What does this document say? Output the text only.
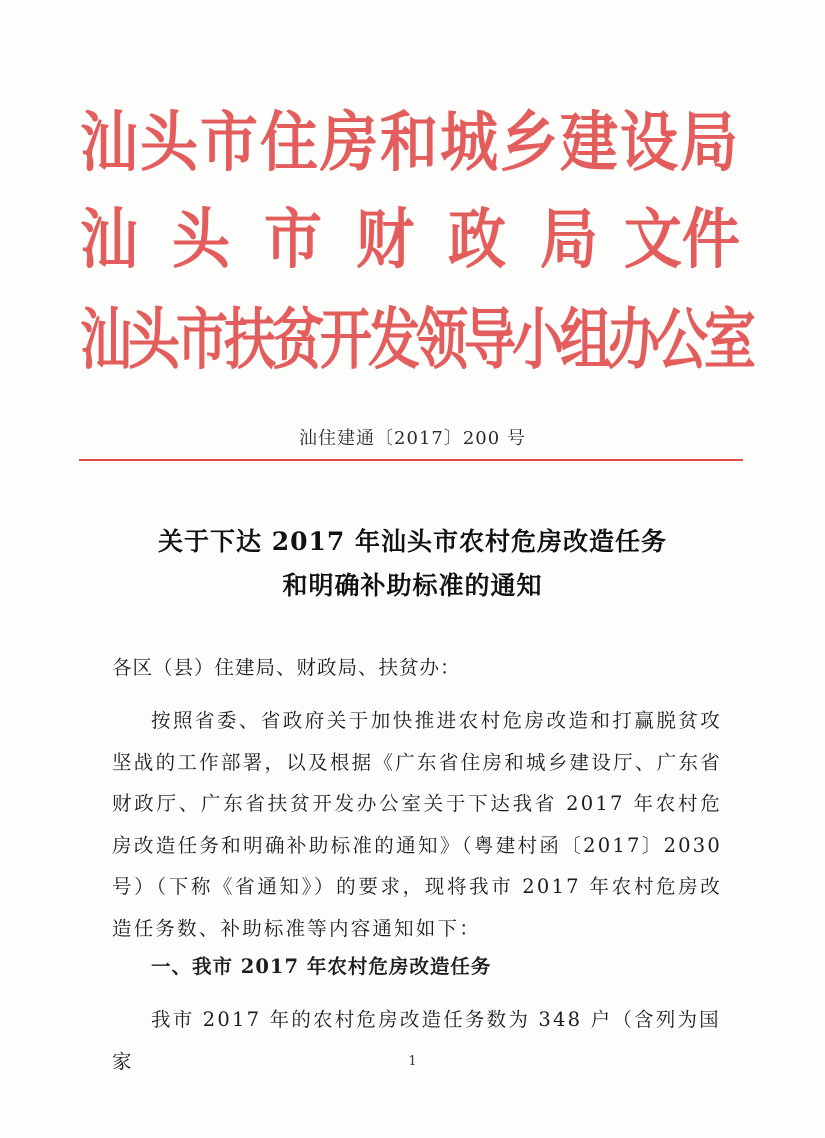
汕头市住房和城乡建设局
汕 头 市 财 政 局 文件
汕头市扶贫开发领导小组办公室
汕住建通〔2017〕200 号
关于下达 2017 年汕头市农村危房改造任务
和明确补助标准的通知
各区（县）住建局、财政局、扶贫办：
按照省委、省政府关于加快推进农村危房改造和打赢脱贫攻坚战的工作部署，以及根据《广东省住房和城乡建设厅、广东省财政厅、广东省扶贫开发办公室关于下达我省 2017 年农村危房改造任务和明确补助标准的通知》（粤建村函〔2017〕2030 号）（下称《省通知》）的要求，现将我市 2017 年农村危房改造任务数、补助标准等内容通知如下：
一、我市 2017 年农村危房改造任务
我市 2017 年的农村危房改造任务数为 348 户（含列为国家	1
